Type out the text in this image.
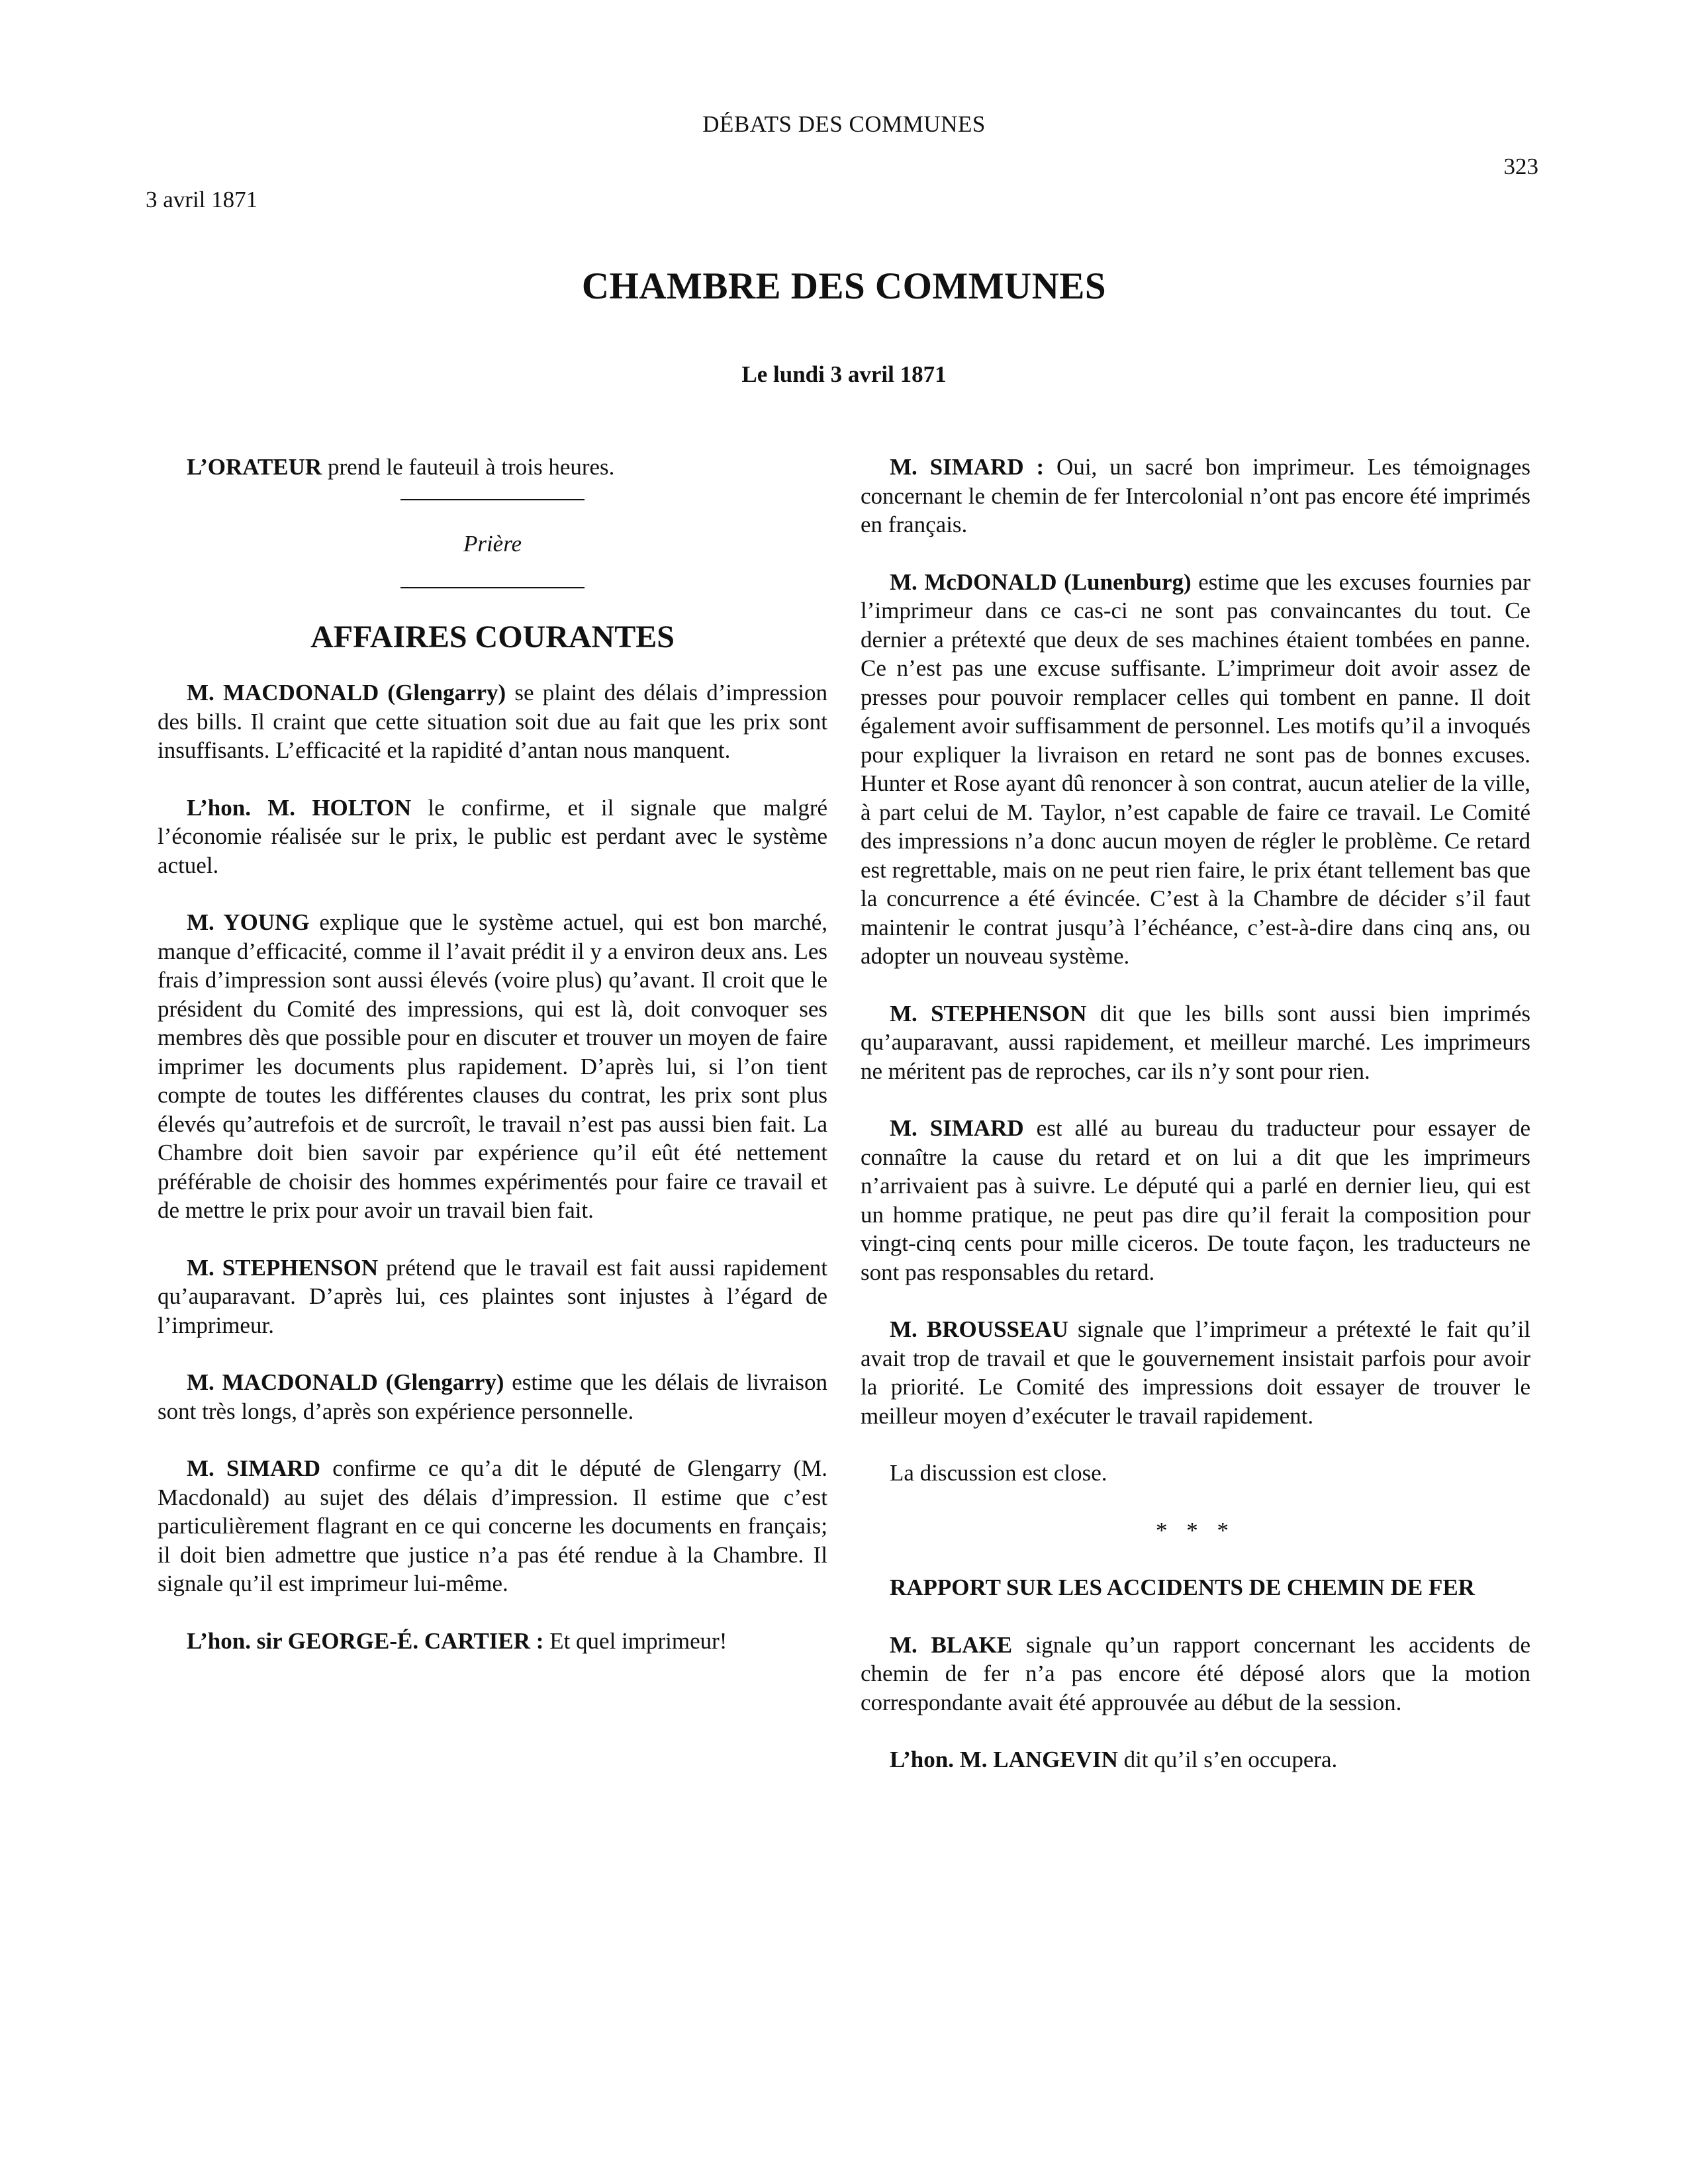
DÉBATS DES COMMUNES
323
3 avril 1871
CHAMBRE DES COMMUNES
Le lundi 3 avril 1871

L’ORATEUR prend le fauteuil à trois heures.

Prière

AFFAIRES COURANTES

M. MACDONALD (Glengarry) se plaint des délais d’impression des bills. Il craint que cette situation soit due au fait que les prix sont insuffisants. L’efficacité et la rapidité d’antan nous manquent.

L’hon. M. HOLTON le confirme, et il signale que malgré l’économie réalisée sur le prix, le public est perdant avec le système actuel.

M. YOUNG explique que le système actuel, qui est bon marché, manque d’efficacité, comme il l’avait prédit il y a environ deux ans. Les frais d’impression sont aussi élevés (voire plus) qu’avant. Il croit que le président du Comité des impressions, qui est là, doit convoquer ses membres dès que possible pour en discuter et trouver un moyen de faire imprimer les documents plus rapidement. D’après lui, si l’on tient compte de toutes les différentes clauses du contrat, les prix sont plus élevés qu’autrefois et de surcroît, le travail n’est pas aussi bien fait. La Chambre doit bien savoir par expérience qu’il eût été nettement préférable de choisir des hommes expérimentés pour faire ce travail et de mettre le prix pour avoir un travail bien fait.

M. STEPHENSON prétend que le travail est fait aussi rapidement qu’auparavant. D’après lui, ces plaintes sont injustes à l’égard de l’imprimeur.

M. MACDONALD (Glengarry) estime que les délais de livraison sont très longs, d’après son expérience personnelle.

M. SIMARD confirme ce qu’a dit le député de Glengarry (M. Macdonald) au sujet des délais d’impression. Il estime que c’est particulièrement flagrant en ce qui concerne les documents en français; il doit bien admettre que justice n’a pas été rendue à la Chambre. Il signale qu’il est imprimeur lui-même.

L’hon. sir GEORGE-É. CARTIER : Et quel imprimeur!

M. SIMARD : Oui, un sacré bon imprimeur. Les témoignages concernant le chemin de fer Intercolonial n’ont pas encore été imprimés en français.

M. McDONALD (Lunenburg) estime que les excuses fournies par l’imprimeur dans ce cas-ci ne sont pas convaincantes du tout. Ce dernier a prétexté que deux de ses machines étaient tombées en panne. Ce n’est pas une excuse suffisante. L’imprimeur doit avoir assez de presses pour pouvoir remplacer celles qui tombent en panne. Il doit également avoir suffisamment de personnel. Les motifs qu’il a invoqués pour expliquer la livraison en retard ne sont pas de bonnes excuses. Hunter et Rose ayant dû renoncer à son contrat, aucun atelier de la ville, à part celui de M. Taylor, n’est capable de faire ce travail. Le Comité des impressions n’a donc aucun moyen de régler le problème. Ce retard est regrettable, mais on ne peut rien faire, le prix étant tellement bas que la concurrence a été évincée. C’est à la Chambre de décider s’il faut maintenir le contrat jusqu’à l’échéance, c’est-à-dire dans cinq ans, ou adopter un nouveau système.

M. STEPHENSON dit que les bills sont aussi bien imprimés qu’auparavant, aussi rapidement, et meilleur marché. Les imprimeurs ne méritent pas de reproches, car ils n’y sont pour rien.

M. SIMARD est allé au bureau du traducteur pour essayer de connaître la cause du retard et on lui a dit que les imprimeurs n’arrivaient pas à suivre. Le député qui a parlé en dernier lieu, qui est un homme pratique, ne peut pas dire qu’il ferait la composition pour vingt-cinq cents pour mille ciceros. De toute façon, les traducteurs ne sont pas responsables du retard.

M. BROUSSEAU signale que l’imprimeur a prétexté le fait qu’il avait trop de travail et que le gouvernement insistait parfois pour avoir la priorité. Le Comité des impressions doit essayer de trouver le meilleur moyen d’exécuter le travail rapidement.

La discussion est close.

* * *

RAPPORT SUR LES ACCIDENTS DE CHEMIN DE FER

M. BLAKE signale qu’un rapport concernant les accidents de chemin de fer n’a pas encore été déposé alors que la motion correspondante avait été approuvée au début de la session.

L’hon. M. LANGEVIN dit qu’il s’en occupera.
